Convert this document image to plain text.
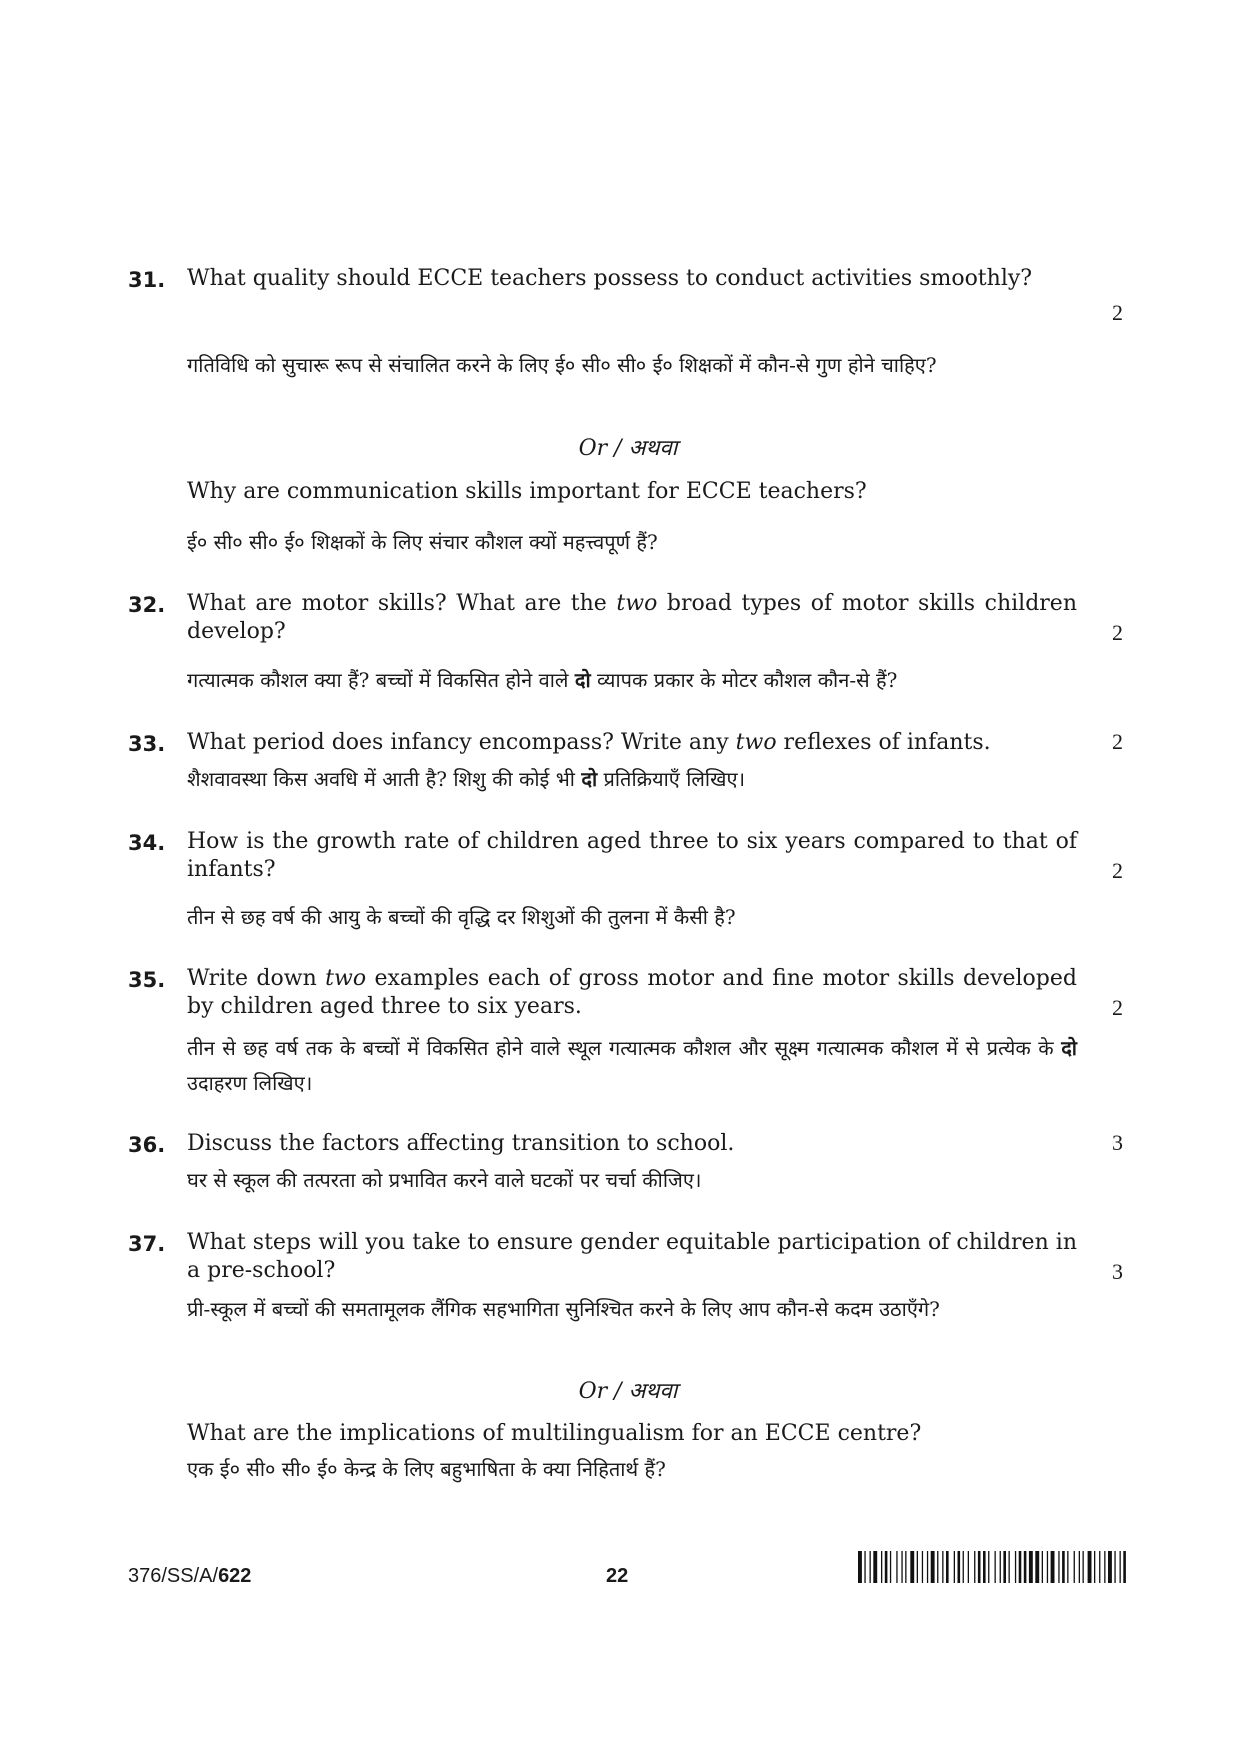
31. What quality should ECCE teachers possess to conduct activities smoothly?
2
गतिविधि को सुचारू रूप से संचालित करने के लिए ई० सी० सी० ई० शिक्षकों में कौन-से गुण होने चाहिए?
Or / अथवा
Why are communication skills important for ECCE teachers?
ई० सी० सी० ई० शिक्षकों के लिए संचार कौशल क्यों महत्त्वपूर्ण हैं?
32. What are motor skills? What are the two broad types of motor skills children develop?	2
गत्यात्मक कौशल क्या हैं? बच्चों में विकसित होने वाले दो व्यापक प्रकार के मोटर कौशल कौन-से हैं?
33. What period does infancy encompass? Write any two reflexes of infants.	2
शैशवावस्था किस अवधि में आती है? शिशु की कोई भी दो प्रतिक्रियाएँ लिखिए।
34. How is the growth rate of children aged three to six years compared to that of infants?	2
तीन से छह वर्ष की आयु के बच्चों की वृद्धि दर शिशुओं की तुलना में कैसी है?
35. Write down two examples each of gross motor and fine motor skills developed by children aged three to six years.	2
तीन से छह वर्ष तक के बच्चों में विकसित होने वाले स्थूल गत्यात्मक कौशल और सूक्ष्म गत्यात्मक कौशल में से प्रत्येक के दो उदाहरण लिखिए।
36. Discuss the factors affecting transition to school.	3
घर से स्कूल की तत्परता को प्रभावित करने वाले घटकों पर चर्चा कीजिए।
37. What steps will you take to ensure gender equitable participation of children in a pre-school?	3
प्री-स्कूल में बच्चों की समतामूलक लैंगिक सहभागिता सुनिश्चित करने के लिए आप कौन-से कदम उठाएँगे?
Or / अथवा
What are the implications of multilingualism for an ECCE centre?
एक ई० सी० सी० ई० केन्द्र के लिए बहुभाषिता के क्या निहितार्थ हैं?
376/SS/A/622	22
